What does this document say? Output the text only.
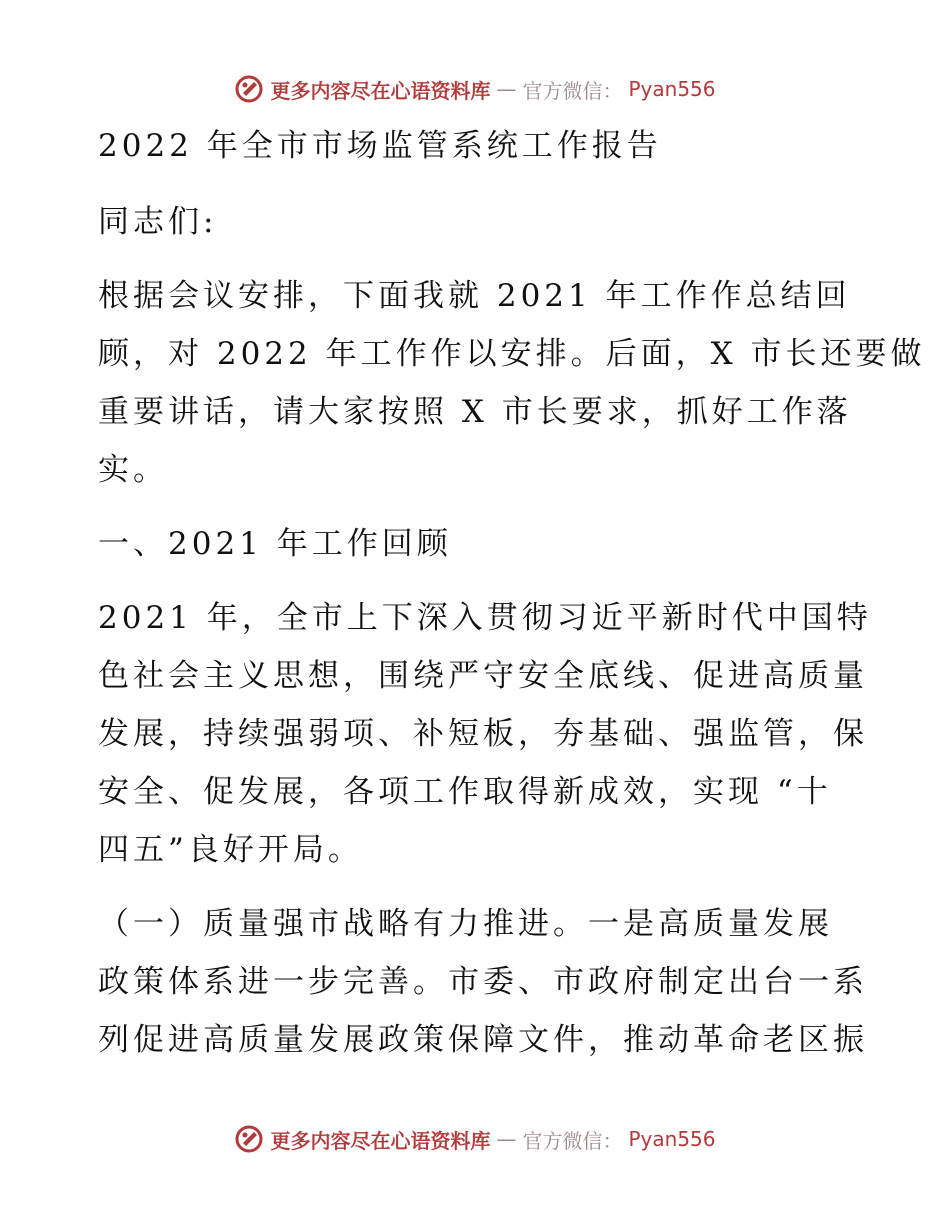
更多内容尽在心语资料库 — 官方微信： Pyan556
2022 年全市市场监管系统工作报告
同志们:
根据会议安排，下面我就 2021 年工作作总结回
顾，对 2022 年工作作以安排。后面，X 市长还要做
重要讲话，请大家按照 X 市长要求，抓好工作落
实。
一、2021 年工作回顾
2021 年，全市上下深入贯彻习近平新时代中国特
色社会主义思想，围绕严守安全底线、促进高质量
发展，持续强弱项、补短板，夯基础、强监管，保
安全、促发展，各项工作取得新成效，实现 “十
四五”良好开局。
（一）质量强市战略有力推进。一是高质量发展
政策体系进一步完善。市委、市政府制定出台一系
列促进高质量发展政策保障文件，推动革命老区振
更多内容尽在心语资料库 — 官方微信： Pyan556
